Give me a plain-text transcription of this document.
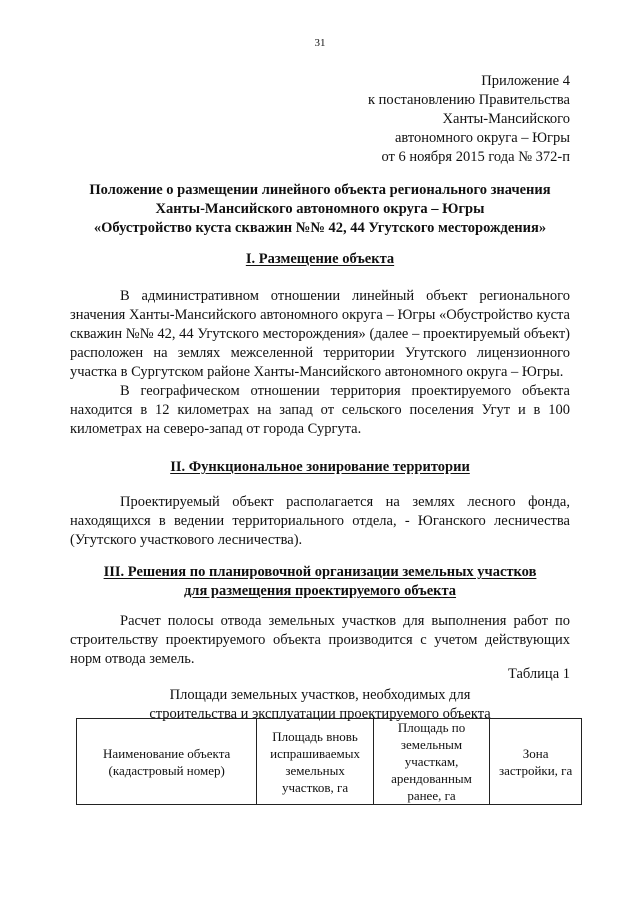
31
Приложение 4
к постановлению Правительства
Ханты-Мансийского
автономного округа – Югры
от 6 ноября 2015 года № 372-п
Положение о размещении линейного объекта регионального значения
Ханты-Мансийского автономного округа – Югры
«Обустройство куста скважин №№ 42, 44 Угутского месторождения»
I. Размещение объекта

В административном отношении линейный объект регионального значения Ханты-Мансийского автономного округа – Югры «Обустройство куста скважин №№ 42, 44 Угутского месторождения» (далее – проектируемый объект) расположен на землях межселенной территории Угутского лицензионного участка в Сургутском районе Ханты-Мансийского автономного округа – Югры.

В географическом отношении территория проектируемого объекта находится в 12 километрах на запад от сельского поселения Угут и в 100 километрах на северо-запад от города Сургута.

II. Функциональное зонирование территории

Проектируемый объект располагается на землях лесного фонда, находящихся в ведении территориального отдела, - Юганского лесничества (Угутского участкового лесничества).

III. Решения по планировочной организации земельных участков
для размещения проектируемого объекта

Расчет полосы отвода земельных участков для выполнения работ по строительству проектируемого объекта производится с учетом действующих норм отвода земель.

Таблица 1
Площади земельных участков, необходимых для
строительства и эксплуатации проектируемого объекта
Наименование объекта (кадастровый номер)	Площадь вновь испрашиваемых земельных участков, га	Площадь по земельным участкам, арендованным ранее, га	Зона застройки, га
